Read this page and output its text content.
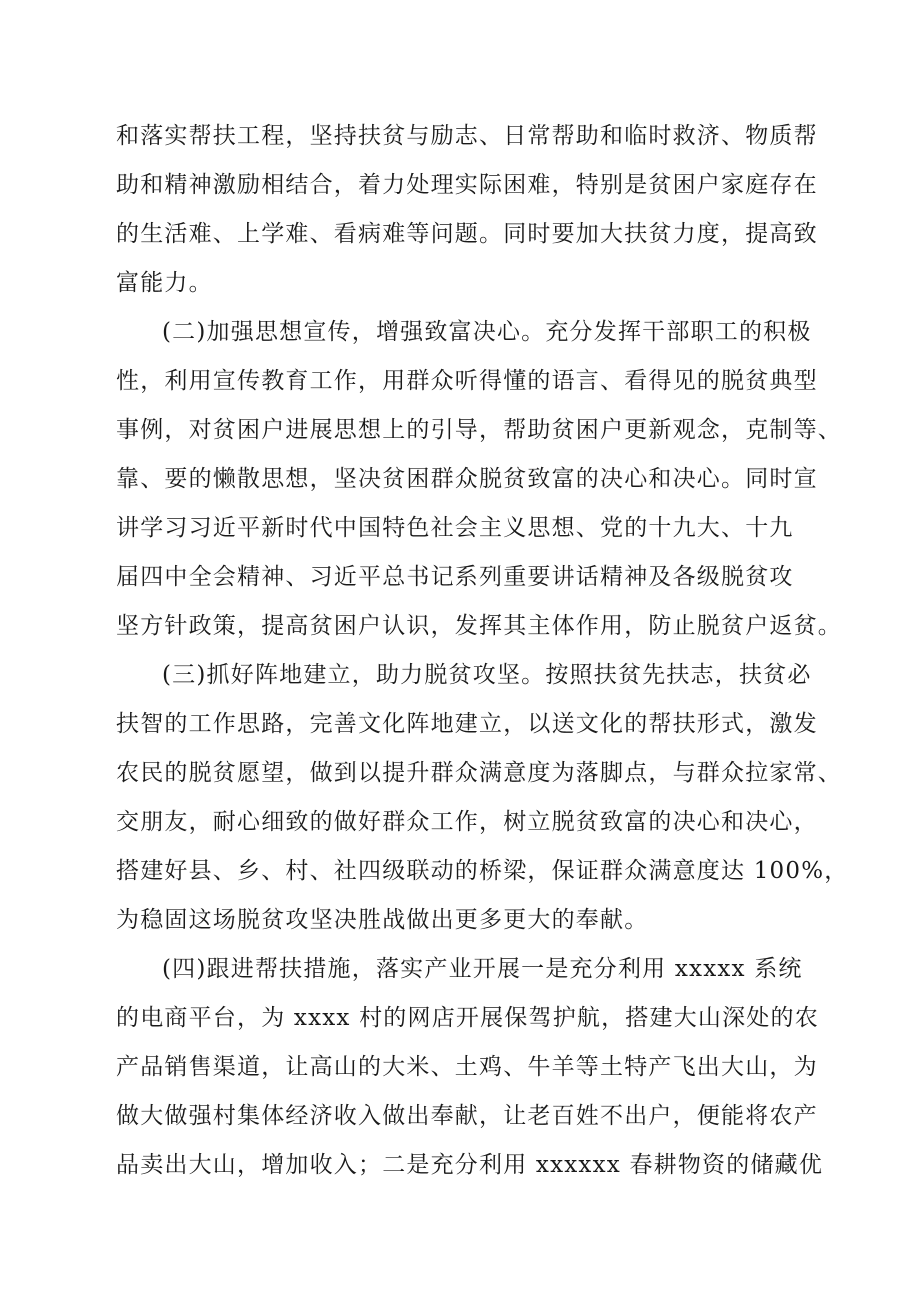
和落实帮扶工程，坚持扶贫与励志、日常帮助和临时救济、物质帮

助和精神激励相结合，着力处理实际困难，特别是贫困户家庭存在

的生活难、上学难、看病难等问题。同时要加大扶贫力度，提高致

富能力。

(二)加强思想宣传，增强致富决心。充分发挥干部职工的积极

性，利用宣传教育工作，用群众听得懂的语言、看得见的脱贫典型

事例，对贫困户进展思想上的引导，帮助贫困户更新观念，克制等、

靠、要的懒散思想，坚决贫困群众脱贫致富的决心和决心。同时宣

讲学习习近平新时代中国特色社会主义思想、党的十九大、十九

届四中全会精神、习近平总书记系列重要讲话精神及各级脱贫攻

坚方针政策，提高贫困户认识，发挥其主体作用，防止脱贫户返贫。

(三)抓好阵地建立，助力脱贫攻坚。按照扶贫先扶志，扶贫必

扶智的工作思路，完善文化阵地建立，以送文化的帮扶形式，激发

农民的脱贫愿望，做到以提升群众满意度为落脚点，与群众拉家常、

交朋友，耐心细致的做好群众工作，树立脱贫致富的决心和决心，

搭建好县、乡、村、社四级联动的桥梁，保证群众满意度达 100%，

为稳固这场脱贫攻坚决胜战做出更多更大的奉献。

(四)跟进帮扶措施，落实产业开展一是充分利用 xxxxx 系统

的电商平台，为 xxxx 村的网店开展保驾护航，搭建大山深处的农

产品销售渠道，让高山的大米、土鸡、牛羊等土特产飞出大山，为

做大做强村集体经济收入做出奉献，让老百姓不出户，便能将农产

品卖出大山，增加收入；二是充分利用 xxxxxx 春耕物资的储藏优
